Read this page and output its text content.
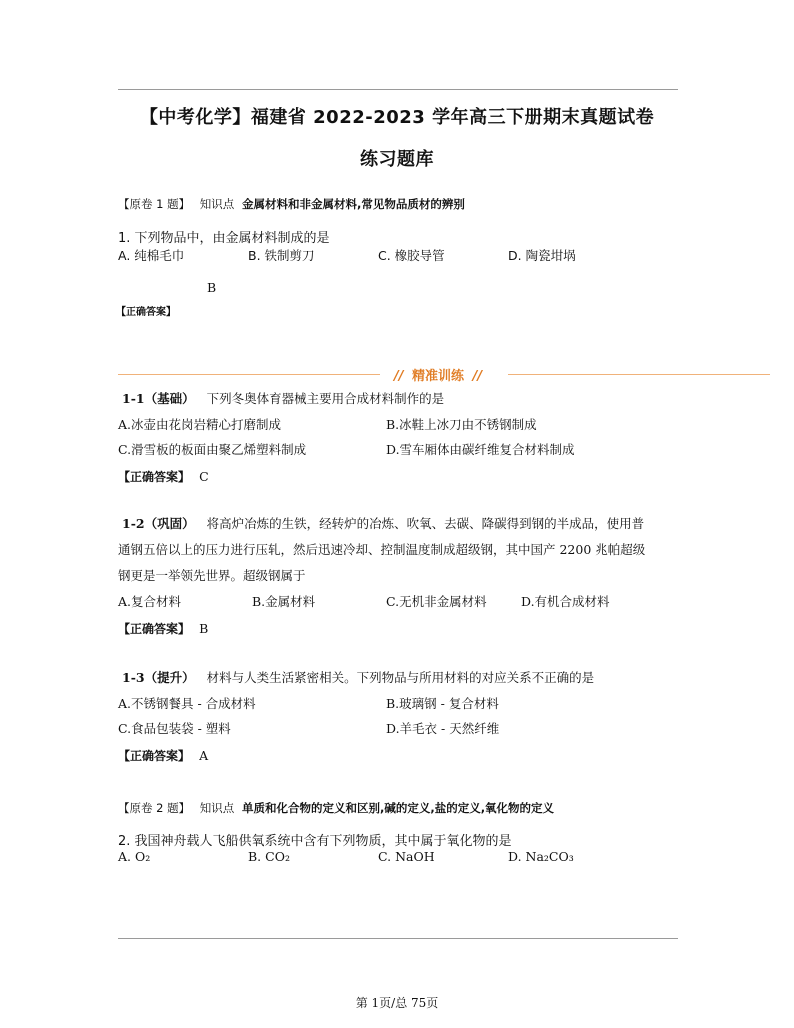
【中考化学】福建省 2022-2023 学年高三下册期末真题试卷
练习题库
【原卷 1 题】 知识点 金属材料和非金属材料,常见物品质材的辨别
1. 下列物品中，由金属材料制成的是
A. 纯棉毛巾	B. 铁制剪刀	C. 橡胶导管	D. 陶瓷坩埚
B
【正确答案】
// 精准训练 //
1-1（基础） 下列冬奥体育器械主要用合成材料制作的是
A.冰壶由花岗岩精心打磨制成	B.冰鞋上冰刀由不锈钢制成
C.滑雪板的板面由聚乙烯塑料制成	D.雪车厢体由碳纤维复合材料制成
【正确答案】 C
1-2（巩固） 将高炉冶炼的生铁，经转炉的冶炼、吹氧、去碳、降碳得到钢的半成品，使用普
通钢五倍以上的压力进行压轧，然后迅速冷却、控制温度制成超级钢，其中国产 2200 兆帕超级
钢更是一举领先世界。超级钢属于
A.复合材料	B.金属材料	C.无机非金属材料	D.有机合成材料
【正确答案】 B
1-3（提升） 材料与人类生活紧密相关。下列物品与所用材料的对应关系不正确的是
A.不锈钢餐具 - 合成材料	B.玻璃钢 - 复合材料
C.食品包装袋 - 塑料	D.羊毛衣 - 天然纤维
【正确答案】 A
【原卷 2 题】 知识点 单质和化合物的定义和区别,碱的定义,盐的定义,氧化物的定义
2. 我国神舟载人飞船供氧系统中含有下列物质，其中属于氧化物的是
A. O₂	B. CO₂	C. NaOH	D. Na₂CO₃
第 1页/总 75页
